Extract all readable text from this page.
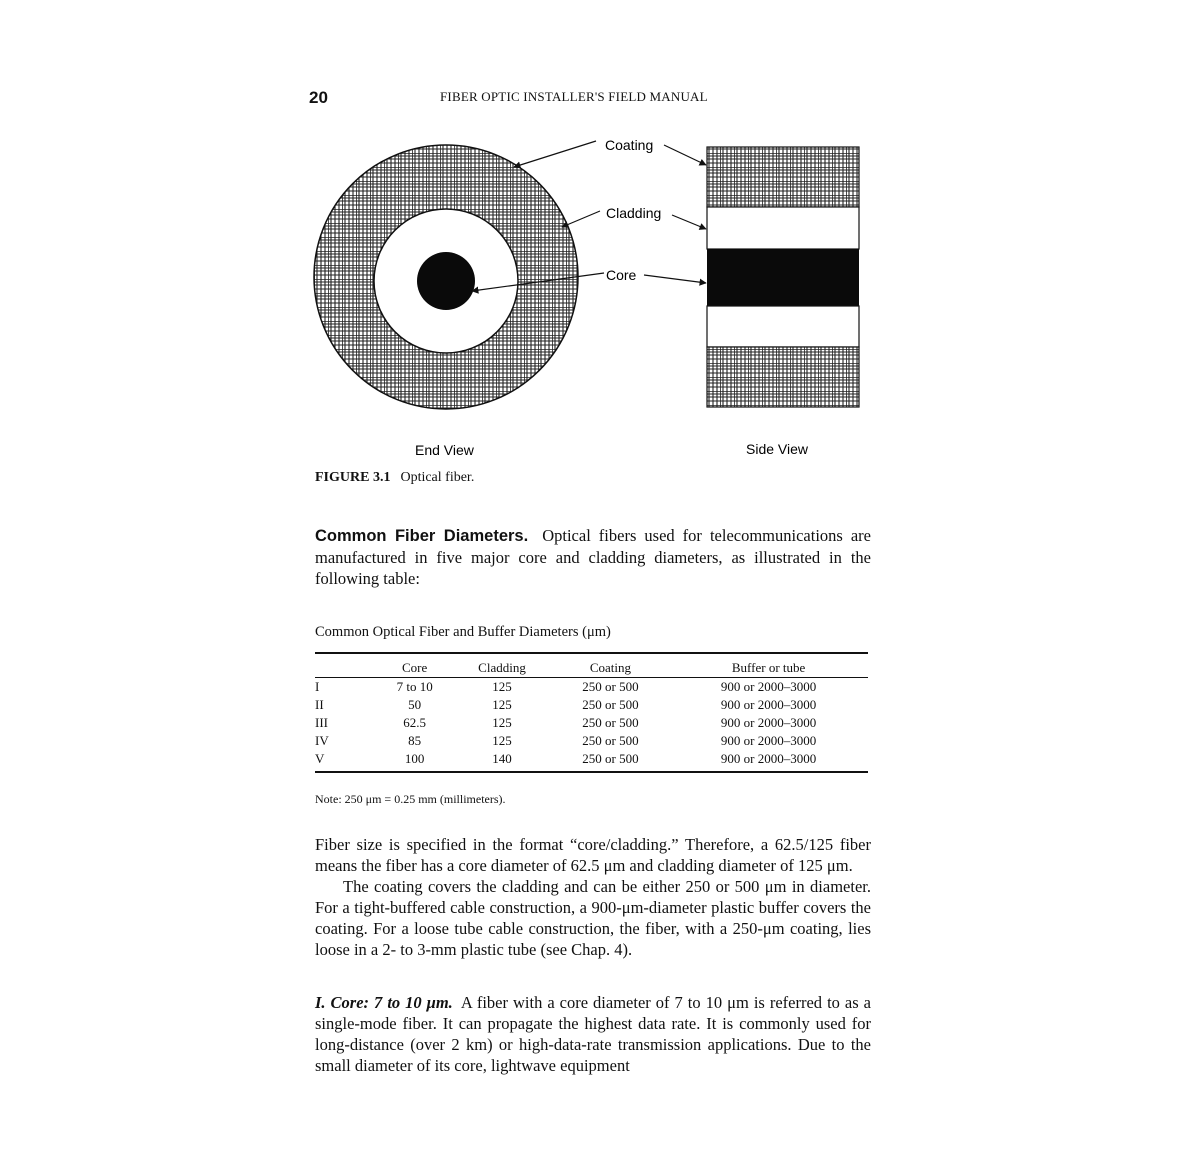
20	FIBER OPTIC INSTALLER'S FIELD MANUAL
Coating
Cladding
Core
End View	Side View
FIGURE 3.1 Optical fiber.
Common Fiber Diameters. Optical fibers used for telecommunications are manufactured in five major core and cladding diameters, as illustrated in the following table:
Common Optical Fiber and Buffer Diameters (μm)
	Core	Cladding	Coating	Buffer or tube
I	7 to 10	125	250 or 500	900 or 2000–3000
II	50	125	250 or 500	900 or 2000–3000
III	62.5	125	250 or 500	900 or 2000–3000
IV	85	125	250 or 500	900 or 2000–3000
V	100	140	250 or 500	900 or 2000–3000
Note: 250 μm = 0.25 mm (millimeters).

Fiber size is specified in the format “core/cladding.” Therefore, a 62.5/125 fiber means the fiber has a core diameter of 62.5 μm and cladding diameter of 125 μm.

The coating covers the cladding and can be either 250 or 500 μm in diameter. For a tight-buffered cable construction, a 900-μm-diameter plastic buffer covers the coating. For a loose tube cable construction, the fiber, with a 250-μm coating, lies loose in a 2- to 3-mm plastic tube (see Chap. 4).

I. Core: 7 to 10 μm. A fiber with a core diameter of 7 to 10 μm is referred to as a single-mode fiber. It can propagate the highest data rate. It is commonly used for long-distance (over 2 km) or high-data-rate transmission applications. Due to the small diameter of its core, lightwave equipment
